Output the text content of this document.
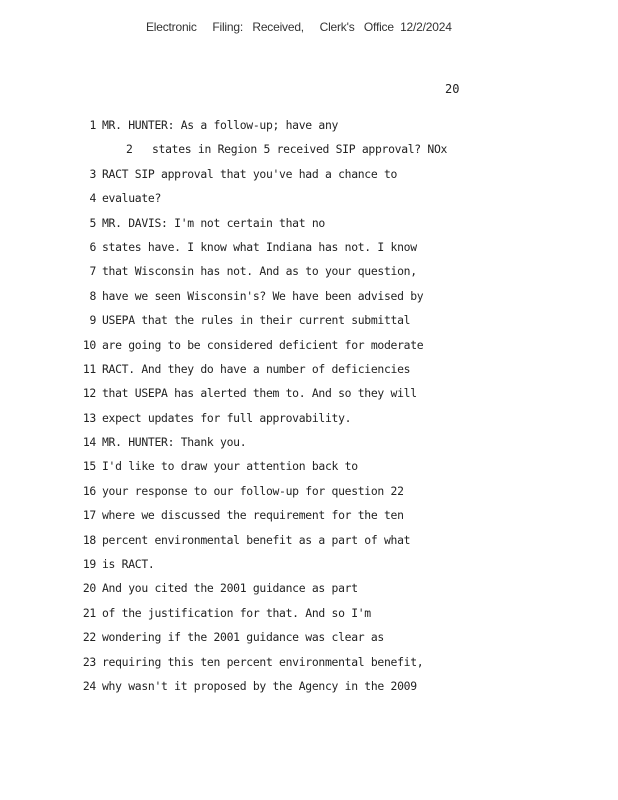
Electronic     Filing:   Received,     Clerk's   Office  12/2/2024
20
1 MR. HUNTER: As a follow-up; have any
2 states in Region 5 received SIP approval? NOx
3 RACT SIP approval that you've had a chance to
4 evaluate?
5 MR. DAVIS: I'm not certain that no
6 states have. I know what Indiana has not. I know
7 that Wisconsin has not. And as to your question,
8 have we seen Wisconsin's? We have been advised by
9 USEPA that the rules in their current submittal
10 are going to be considered deficient for moderate
11 RACT. And they do have a number of deficiencies
12 that USEPA has alerted them to. And so they will
13 expect updates for full approvability.
14 MR. HUNTER: Thank you.
15 I'd like to draw your attention back to
16 your response to our follow-up for question 22
17 where we discussed the requirement for the ten
18 percent environmental benefit as a part of what
19 is RACT.
20 And you cited the 2001 guidance as part
21 of the justification for that. And so I'm
22 wondering if the 2001 guidance was clear as
23 requiring this ten percent environmental benefit,
24 why wasn't it proposed by the Agency in the 2009
